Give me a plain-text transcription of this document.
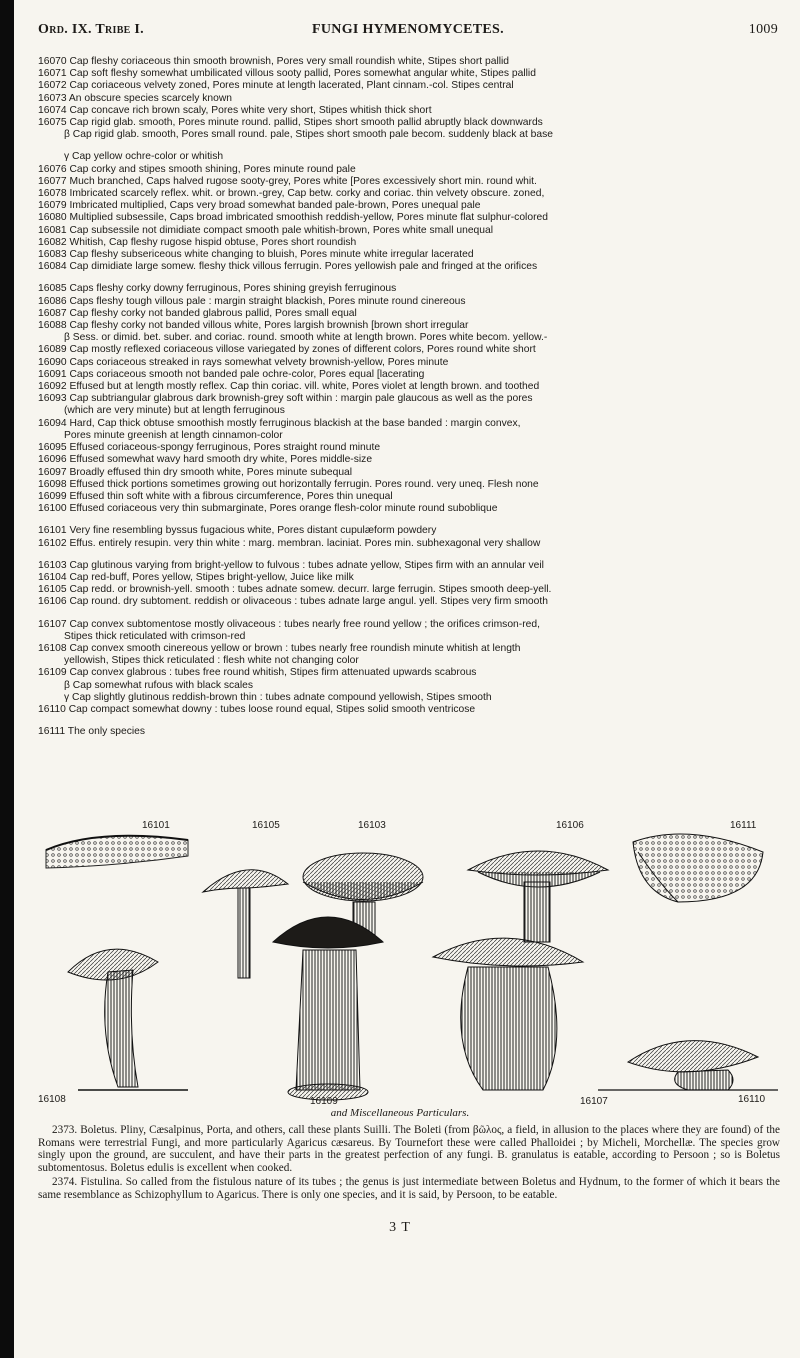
Ord. IX. Tribe I.	FUNGI HYMENOMYCETES.	1009
16070 Cap fleshy coriaceous thin smooth brownish, Pores very small roundish white, Stipes short pallid
16071 Cap soft fleshy somewhat umbilicated villous sooty pallid, Pores somewhat angular white, Stipes pallid
16072 Cap coriaceous velvety zoned, Pores minute at length lacerated, Plant cinnam.-col. Stipes central
16073 An obscure species scarcely known
16074 Cap concave rich brown scaly, Pores white very short, Stipes whitish thick short
16075 Cap rigid glab. smooth, Pores minute round. pallid, Stipes short smooth pallid abruptly black downwards
β Cap rigid glab. smooth, Pores small round. pale, Stipes short smooth pale becom. suddenly black at base
γ Cap yellow ochre-color or whitish
16076 Cap corky and stipes smooth shining, Pores minute round pale
16077 Much branched, Caps halved rugose sooty-grey, Pores white [Pores excessively short min. round whit.
16078 Imbricated scarcely reflex. whit. or brown.-grey, Cap betw. corky and coriac. thin velvety obscure. zoned,
16079 Imbricated multiplied, Caps very broad somewhat banded pale-brown, Pores unequal pale
16080 Multiplied subsessile, Caps broad imbricated smoothish reddish-yellow, Pores minute flat sulphur-colored
16081 Cap subsessile not dimidiate compact smooth pale whitish-brown, Pores white small unequal
16082 Whitish, Cap fleshy rugose hispid obtuse, Pores short roundish
16083 Cap fleshy subsericeous white changing to bluish, Pores minute white irregular lacerated
16084 Cap dimidiate large somew. fleshy thick villous ferrugin. Pores yellowish pale and fringed at the orifices
16085 Caps fleshy corky downy ferruginous, Pores shining greyish ferruginous
16086 Caps fleshy tough villous pale : margin straight blackish, Pores minute round cinereous
16087 Cap fleshy corky not banded glabrous pallid, Pores small equal
16088 Cap fleshy corky not banded villous white, Pores largish brownish [brown short irregular
β Sess. or dimid. bet. suber. and coriac. round. smooth white at length brown. Pores white becom. yellow.-
16089 Cap mostly reflexed coriaceous villose variegated by zones of different colors, Pores round white short
16090 Caps coriaceous streaked in rays somewhat velvety brownish-yellow, Pores minute
16091 Caps coriaceous smooth not banded pale ochre-color, Pores equal [lacerating
16092 Effused but at length mostly reflex. Cap thin coriac. vill. white, Pores violet at length brown. and toothed
16093 Cap subtriangular glabrous dark brownish-grey soft within : margin pale glaucous as well as the pores
(which are very minute) but at length ferruginous
16094 Hard, Cap thick obtuse smoothish mostly ferruginous blackish at the base banded : margin convex,
Pores minute greenish at length cinnamon-color
16095 Effused coriaceous-spongy ferruginous, Pores straight round minute
16096 Effused somewhat wavy hard smooth dry white, Pores middle-size
16097 Broadly effused thin dry smooth white, Pores minute subequal
16098 Effused thick portions sometimes growing out horizontally ferrugin. Pores round. very uneq. Flesh none
16099 Effused thin soft white with a fibrous circumference, Pores thin unequal
16100 Effused coriaceous very thin submarginate, Pores orange flesh-color minute round suboblique
16101 Very fine resembling byssus fugacious white, Pores distant cupulæform powdery
16102 Effus. entirely resupin. very thin white : marg. membran. laciniat. Pores min. subhexagonal very shallow
16103 Cap glutinous varying from bright-yellow to fulvous : tubes adnate yellow, Stipes firm with an annular veil
16104 Cap red-buff, Pores yellow, Stipes bright-yellow, Juice like milk
16105 Cap redd. or brownish-yell. smooth : tubes adnate somew. decurr. large ferrugin. Stipes smooth deep-yell.
16106 Cap round. dry subtoment. reddish or olivaceous : tubes adnate large angul. yell. Stipes very firm smooth
16107 Cap convex subtomentose mostly olivaceous : tubes nearly free round yellow ; the orifices crimson-red,
Stipes thick reticulated with crimson-red
16108 Cap convex smooth cinereous yellow or brown : tubes nearly free roundish minute whitish at length
yellowish, Stipes thick reticulated : flesh white not changing color
16109 Cap convex glabrous : tubes free round whitish, Stipes firm attenuated upwards scabrous
β Cap somewhat rufous with black scales
γ Cap slightly glutinous reddish-brown thin : tubes adnate compound yellowish, Stipes smooth
16110 Cap compact somewhat downy : tubes loose round equal, Stipes solid smooth ventricose
16111 The only species
16101	16105	16103	16106	16111
16108	16109	16107	16110
and Miscellaneous Particulars.

2373. Boletus. Pliny, Cæsalpinus, Porta, and others, call these plants Suilli. The Boleti (from βῶλος, a field, in allusion to the places where they are found) of the Romans were terrestrial Fungi, and more particularly Agaricus cæsareus. By Tournefort these were called Phalloidei ; by Micheli, Morchellæ. The species grow singly upon the ground, are succulent, and have their parts in the greatest perfection of any fungi. B. granulatus is eatable, according to Persoon ; so is Boletus subtomentosus. Boletus edulis is excellent when cooked.

2374. Fistulina. So called from the fistulous nature of its tubes ; the genus is just intermediate between Boletus and Hydnum, to the former of which it bears the same resemblance as Schizophyllum to Agaricus. There is only one species, and it is said, by Persoon, to be eatable.

3 T
